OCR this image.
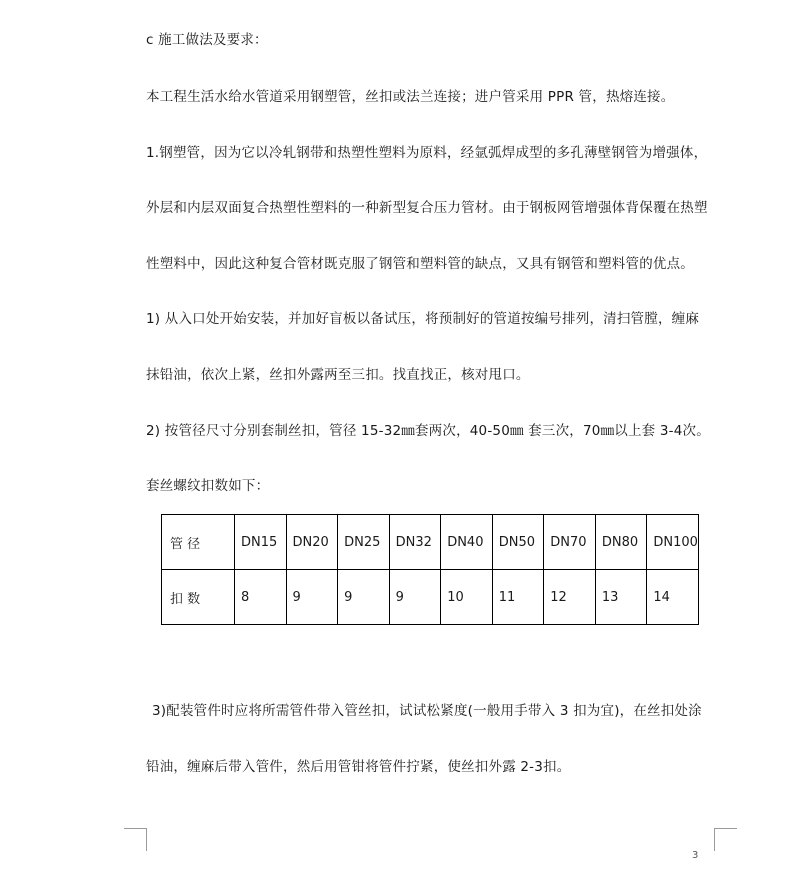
c 施工做法及要求：
本工程生活水给水管道采用钢塑管，丝扣或法兰连接；进户管采用 PPR 管，热熔连接。
1.钢塑管，因为它以冷轧钢带和热塑性塑料为原料，经氩弧焊成型的多孔薄壁钢管为增强体，
外层和内层双面复合热塑性塑料的一种新型复合压力管材。由于钢板网管增强体背保覆在热塑
性塑料中，因此这种复合管材既克服了钢管和塑料管的缺点，又具有钢管和塑料管的优点。
1) 从入口处开始安装，并加好盲板以备试压，将预制好的管道按编号排列，清扫管膛，缠麻
抹铅油，依次上紧，丝扣外露两至三扣。找直找正，核对甩口。
2) 按管径尺寸分别套制丝扣，管径 15-32㎜套两次，40-50㎜ 套三次，70㎜以上套 3-4次。
套丝螺纹扣数如下：
管 径	DN15	DN20	DN25	DN32	DN40	DN50	DN70	DN80	DN100
扣 数	8	9	9	9	10	11	12	13	14
3)配装管件时应将所需管件带入管丝扣，试试松紧度(一般用手带入 3 扣为宜)，在丝扣处涂
铅油，缠麻后带入管件，然后用管钳将管件拧紧，使丝扣外露 2-3扣。
3
